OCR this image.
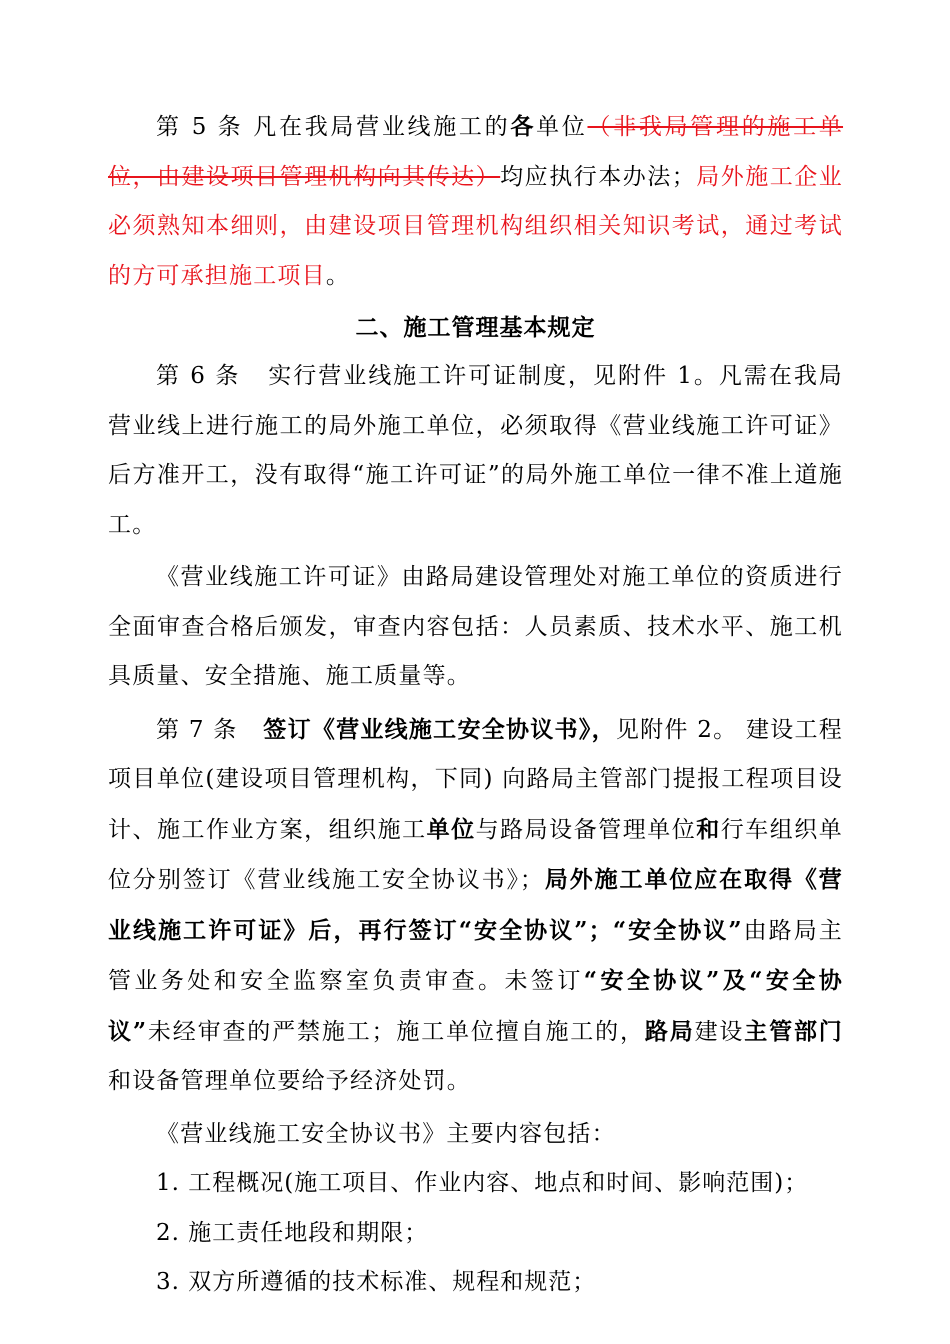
第 5 条 凡在我局营业线施工的各单位（非我局管理的施工单位，由建设项目管理机构向其传达）均应执行本办法；局外施工企业必须熟知本细则，由建设项目管理机构组织相关知识考试，通过考试的方可承担施工项目。

二、施工管理基本规定

第 6 条 实行营业线施工许可证制度，见附件 1。凡需在我局营业线上进行施工的局外施工单位，必须取得《营业线施工许可证》后方准开工，没有取得“施工许可证”的局外施工单位一律不准上道施工。

《营业线施工许可证》由路局建设管理处对施工单位的资质进行全面审查合格后颁发，审查内容包括：人员素质、技术水平、施工机具质量、安全措施、施工质量等。

第 7 条 签订《营业线施工安全协议书》，见附件 2。 建设工程项目单位(建设项目管理机构，下同) 向路局主管部门提报工程项目设计、施工作业方案，组织施工单位与路局设备管理单位和行车组织单位分别签订《营业线施工安全协议书》；局外施工单位应在取得《营业线施工许可证》后，再行签订“安全协议”；“安全协议”由路局主管业务处和安全监察室负责审查。未签订“安全协议”及“安全协议”未经审查的严禁施工；施工单位擅自施工的，路局建设主管部门和设备管理单位要给予经济处罚。

《营业线施工安全协议书》主要内容包括：

1. 工程概况(施工项目、作业内容、地点和时间、影响范围)；

2. 施工责任地段和期限；

3. 双方所遵循的技术标准、规程和规范；
